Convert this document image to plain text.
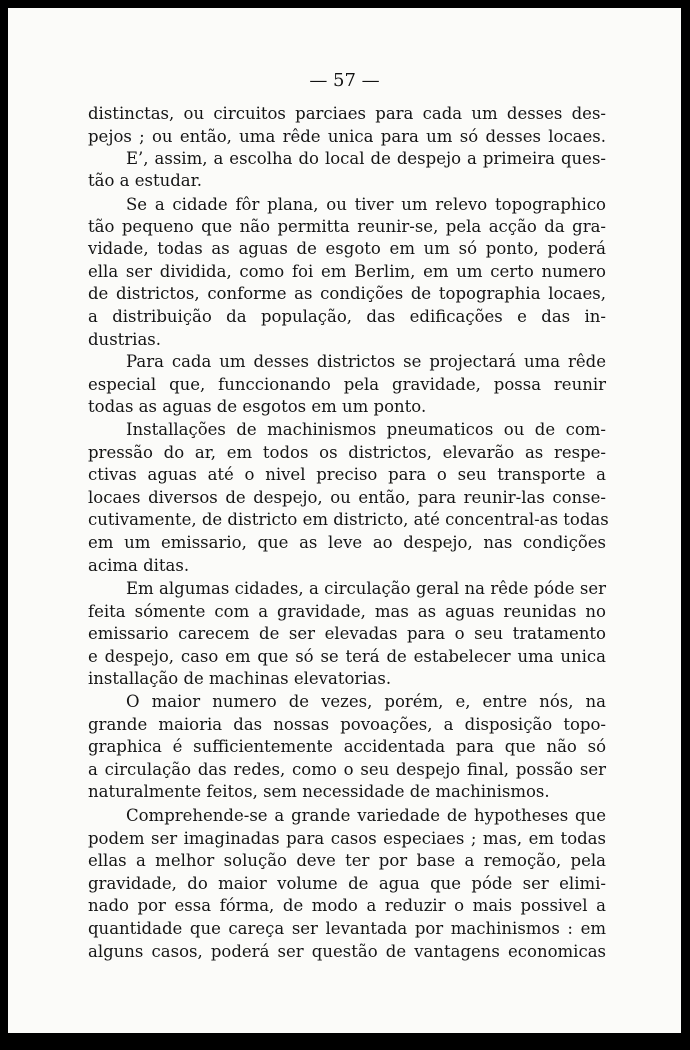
— 57 —
distinctas, ou circuitos parciaes para cada um desses des-
pejos ; ou então, uma rêde unica para um só desses locaes.
E’, assim, a escolha do local de despejo a primeira ques-
tão a estudar.
Se a cidade fôr plana, ou tiver um relevo topographico
tão pequeno que não permitta reunir-se, pela acção da gra-
vidade, todas as aguas de esgoto em um só ponto, poderá
ella ser dividida, como foi em Berlim, em um certo numero
de districtos, conforme as condições de topographia locaes,
a distribuição da população, das edificações e das in-
dustrias.
Para cada um desses districtos se projectará uma rêde
especial que, funccionando pela gravidade, possa reunir
todas as aguas de esgotos em um ponto.
Installações de machinismos pneumaticos ou de com-
pressão do ar, em todos os districtos, elevarão as respe-
ctivas aguas até o nivel preciso para o seu transporte a
locaes diversos de despejo, ou então, para reunir-las conse-
cutivamente, de districto em districto, até concentral-as todas
em um emissario, que as leve ao despejo, nas condições
acima ditas.
Em algumas cidades, a circulação geral na rêde póde ser
feita sómente com a gravidade, mas as aguas reunidas no
emissario carecem de ser elevadas para o seu tratamento
e despejo, caso em que só se terá de estabelecer uma unica
installação de machinas elevatorias.
O maior numero de vezes, porém, e, entre nós, na
grande maioria das nossas povoações, a disposição topo-
graphica é sufficientemente accidentada para que não só
a circulação das redes, como o seu despejo final, possão ser
naturalmente feitos, sem necessidade de machinismos.
Comprehende-se a grande variedade de hypotheses que
podem ser imaginadas para casos especiaes ; mas, em todas
ellas a melhor solução deve ter por base a remoção, pela
gravidade, do maior volume de agua que póde ser elimi-
nado por essa fórma, de modo a reduzir o mais possivel a
quantidade que careça ser levantada por machinismos : em
alguns casos, poderá ser questão de vantagens economicas
